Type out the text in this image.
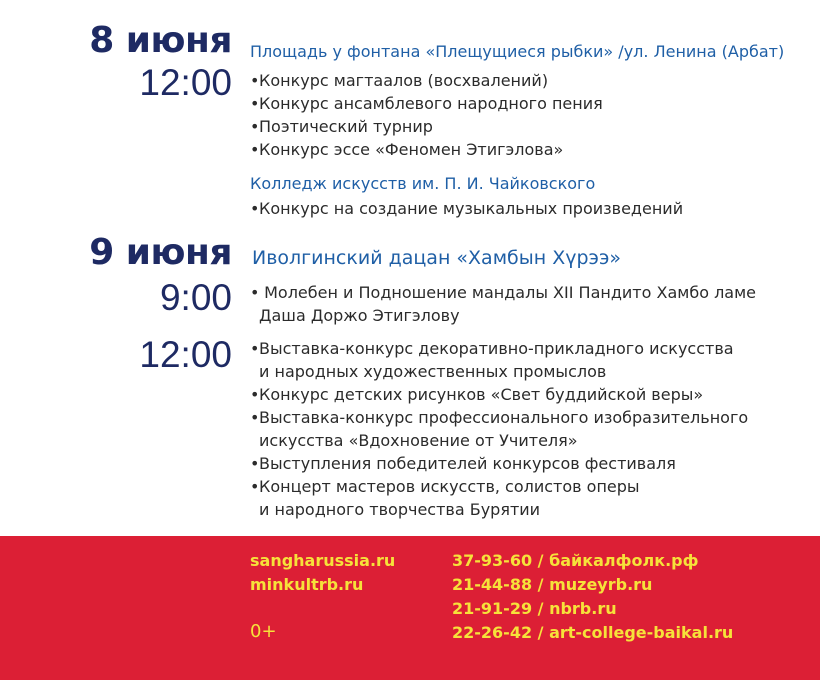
8 июня
12:00
Площадь у фонтана «Плещущиеся рыбки» /ул. Ленина (Арбат)
•Конкурс магтаалов (восхвалений)
•Конкурс ансамблевого народного пения
•Поэтический турнир
•Конкурс эссе «Феномен Этигэлова»
Колледж искусств им. П. И. Чайковского
•Конкурс на создание музыкальных произведений
9 июня Иволгинский дацан «Хамбын Хүрээ»
9:00 • Молебен и Подношение мандалы XII Пандито Хамбо ламе
Даша Доржо Этигэлову
12:00 •Выставка-конкурс декоративно-прикладного искусства
и народных художественных промыслов
•Конкурс детских рисунков «Свет буддийской веры»
•Выставка-конкурс профессионального изобразительного
искусства «Вдохновение от Учителя»
•Выступления победителей конкурсов фестиваля
•Концерт мастеров искусств, солистов оперы
и народного творчества Бурятии
sangharussia.ru
minkultrb.ru
0+
37-93-60 / байкалфолк.рф
21-44-88 / muzeyrb.ru
21-91-29 / nbrb.ru
22-26-42 / art-college-baikal.ru
